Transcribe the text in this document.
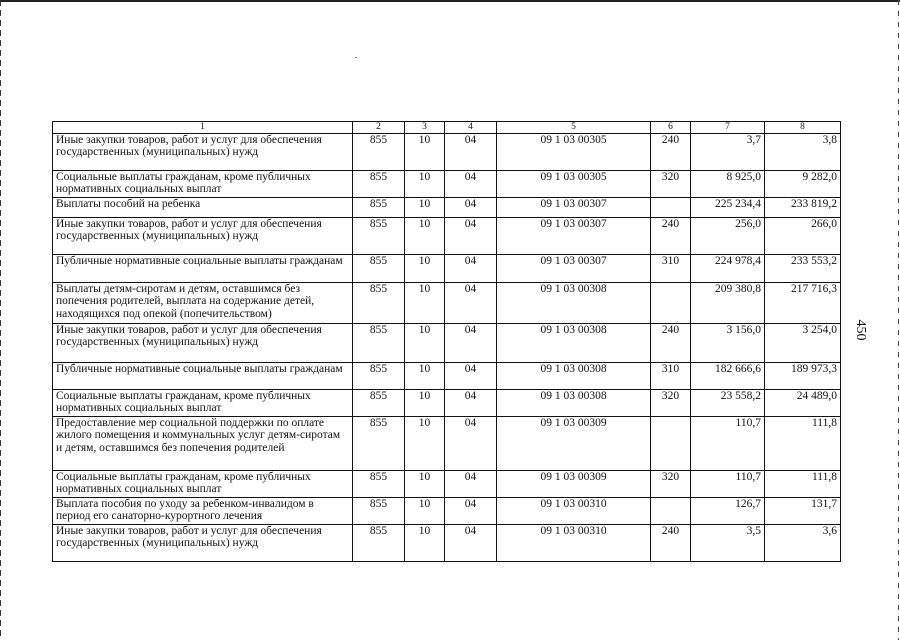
450
1	2	3	4	5	6	7	8
Иные закупки товаров, работ и услуг для обеспечения государственных (муниципальных) нужд	855	10	04	09 1 03 00305	240	3,7	3,8
Социальные выплаты гражданам, кроме публичных нормативных социальных выплат	855	10	04	09 1 03 00305	320	8 925,0	9 282,0
Выплаты пособий на ребенка	855	10	04	09 1 03 00307		225 234,4	233 819,2
Иные закупки товаров, работ и услуг для обеспечения государственных (муниципальных) нужд	855	10	04	09 1 03 00307	240	256,0	266,0
Публичные нормативные социальные выплаты гражданам	855	10	04	09 1 03 00307	310	224 978,4	233 553,2
Выплаты детям-сиротам и детям, оставшимся без попечения родителей, выплата на содержание детей, находящихся под опекой (попечительством)	855	10	04	09 1 03 00308		209 380,8	217 716,3
Иные закупки товаров, работ и услуг для обеспечения государственных (муниципальных) нужд	855	10	04	09 1 03 00308	240	3 156,0	3 254,0
Публичные нормативные социальные выплаты гражданам	855	10	04	09 1 03 00308	310	182 666,6	189 973,3
Социальные выплаты гражданам, кроме публичных нормативных социальных выплат	855	10	04	09 1 03 00308	320	23 558,2	24 489,0
Предоставление мер социальной поддержки по оплате жилого помещения и коммунальных услуг детям-сиротам и детям, оставшимся без попечения родителей	855	10	04	09 1 03 00309		110,7	111,8
Социальные выплаты гражданам, кроме публичных нормативных социальных выплат	855	10	04	09 1 03 00309	320	110,7	111,8
Выплата пособия по уходу за ребенком-инвалидом в период его санаторно-курортного лечения	855	10	04	09 1 03 00310		126,7	131,7
Иные закупки товаров, работ и услуг для обеспечения государственных (муниципальных) нужд	855	10	04	09 1 03 00310	240	3,5	3,6
